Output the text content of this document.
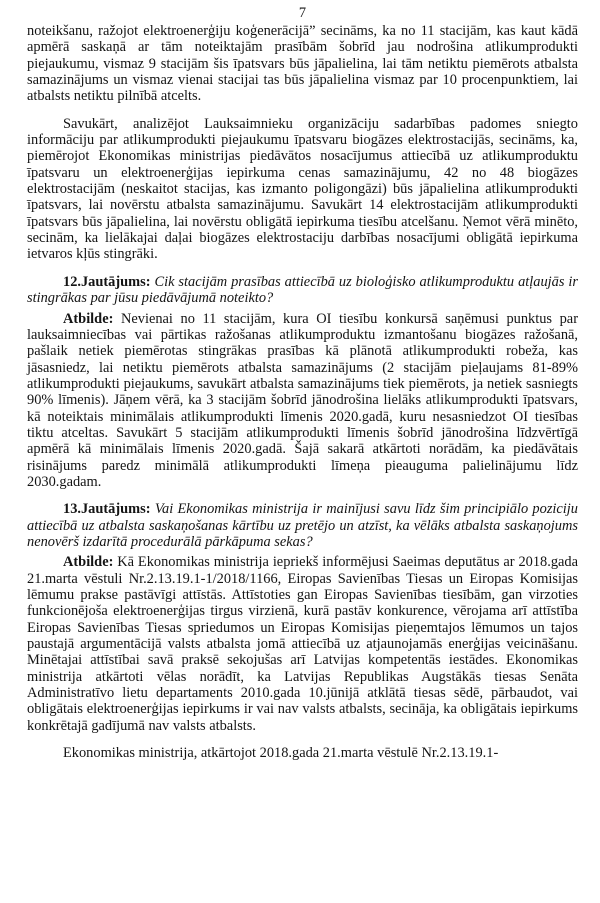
7

noteikšanu, ražojot elektroenerģiju koģenerācijā” secināms, ka no 11 stacijām, kas kaut kādā apmērā saskaņā ar tām noteiktajām prasībām šobrīd jau nodrošina atlikumprodukti piejaukumu, vismaz 9 stacijām šis īpatsvars būs jāpalielina, lai tām netiktu piemērots atbalsta samazinājums un vismaz vienai stacijai tas būs jāpalielina vismaz par 10 procenpunktiem, lai atbalsts netiktu pilnībā atcelts.

Savukārt, analizējot Lauksaimnieku organizāciju sadarbības padomes sniegto informāciju par atlikumprodukti piejaukumu īpatsvaru biogāzes elektrostacijās, secināms, ka, piemērojot Ekonomikas ministrijas piedāvātos nosacījumus attiecībā uz atlikumproduktu īpatsvaru un elektroenerģijas iepirkuma cenas samazinājumu, 42 no 48 biogāzes elektrostacijām (neskaitot stacijas, kas izmanto poligongāzi) būs jāpalielina atlikumprodukti īpatsvars, lai novērstu atbalsta samazinājumu. Savukārt 14 elektrostacijām atlikumprodukti īpatsvars būs jāpalielina, lai novērstu obligātā iepirkuma tiesību atcelšanu. Ņemot vērā minēto, secinām, ka lielākajai daļai biogāzes elektrostaciju darbības nosacījumi obligātā iepirkuma ietvaros kļūs stingrāki.

12.Jautājums: Cik stacijām prasības attiecībā uz bioloģisko atlikumproduktu atļaujās ir stingrākas par jūsu piedāvājumā noteikto?

Atbilde: Nevienai no 11 stacijām, kura OI tiesību konkursā saņēmusi punktus par lauksaimniecības vai pārtikas ražošanas atlikumproduktu izmantošanu biogāzes ražošanā, pašlaik netiek piemērotas stingrākas prasības kā plānotā atlikumprodukti robeža, kas jāsasniedz, lai netiktu piemērots atbalsta samazinājums (2 stacijām pieļaujams 81-89% atlikumprodukti piejaukums, savukārt atbalsta samazinājums tiek piemērots, ja netiek sasniegts 90% līmenis). Jāņem vērā, ka 3 stacijām šobrīd jānodrošina lielāks atlikumprodukti īpatsvars, kā noteiktais minimālais atlikumprodukti līmenis 2020.gadā, kuru nesasniedzot OI tiesības tiktu atceltas. Savukārt 5 stacijām atlikumprodukti līmenis šobrīd jānodrošina līdzvērtīgā apmērā kā minimālais līmenis 2020.gadā. Šajā sakarā atkārtoti norādām, ka piedāvātais risinājums paredz minimālā atlikumprodukti līmeņa pieauguma palielinājumu līdz 2030.gadam.

13.Jautājums: Vai Ekonomikas ministrija ir mainījusi savu līdz šim principiālo poziciju attiecībā uz atbalsta saskaņošanas kārtību uz pretējo un atzīst, ka vēlāks atbalsta saskaņojums nenovērš izdarītā procedurālā pārkāpuma sekas?

Atbilde: Kā Ekonomikas ministrija iepriekš informējusi Saeimas deputātus ar 2018.gada 21.marta vēstuli Nr.2.13.19.1-1/2018/1166, Eiropas Savienības Tiesas un Eiropas Komisijas lēmumu prakse pastāvīgi attīstās. Attīstoties gan Eiropas Savienības tiesībām, gan virzoties funkcionējoša elektroenerģijas tirgus virzienā, kurā pastāv konkurence, vērojama arī attīstība Eiropas Savienības Tiesas spriedumos un Eiropas Komisijas pieņemtajos lēmumos un tajos paustajā argumentācijā valsts atbalsta jomā attiecībā uz atjaunojamās enerģijas veicināšanu. Minētajai attīstībai savā praksē sekojušas arī Latvijas kompetentās iestādes. Ekonomikas ministrija atkārtoti vēlas norādīt, ka Latvijas Republikas Augstākās tiesas Senāta Administratīvo lietu departaments 2010.gada 10.jūnijā atklātā tiesas sēdē, pārbaudot, vai obligātais elektroenerģijas iepirkums ir vai nav valsts atbalsts, secināja, ka obligātais iepirkums konkrētajā gadījumā nav valsts atbalsts.

Ekonomikas ministrija, atkārtojot 2018.gada 21.marta vēstulē Nr.2.13.19.1-
